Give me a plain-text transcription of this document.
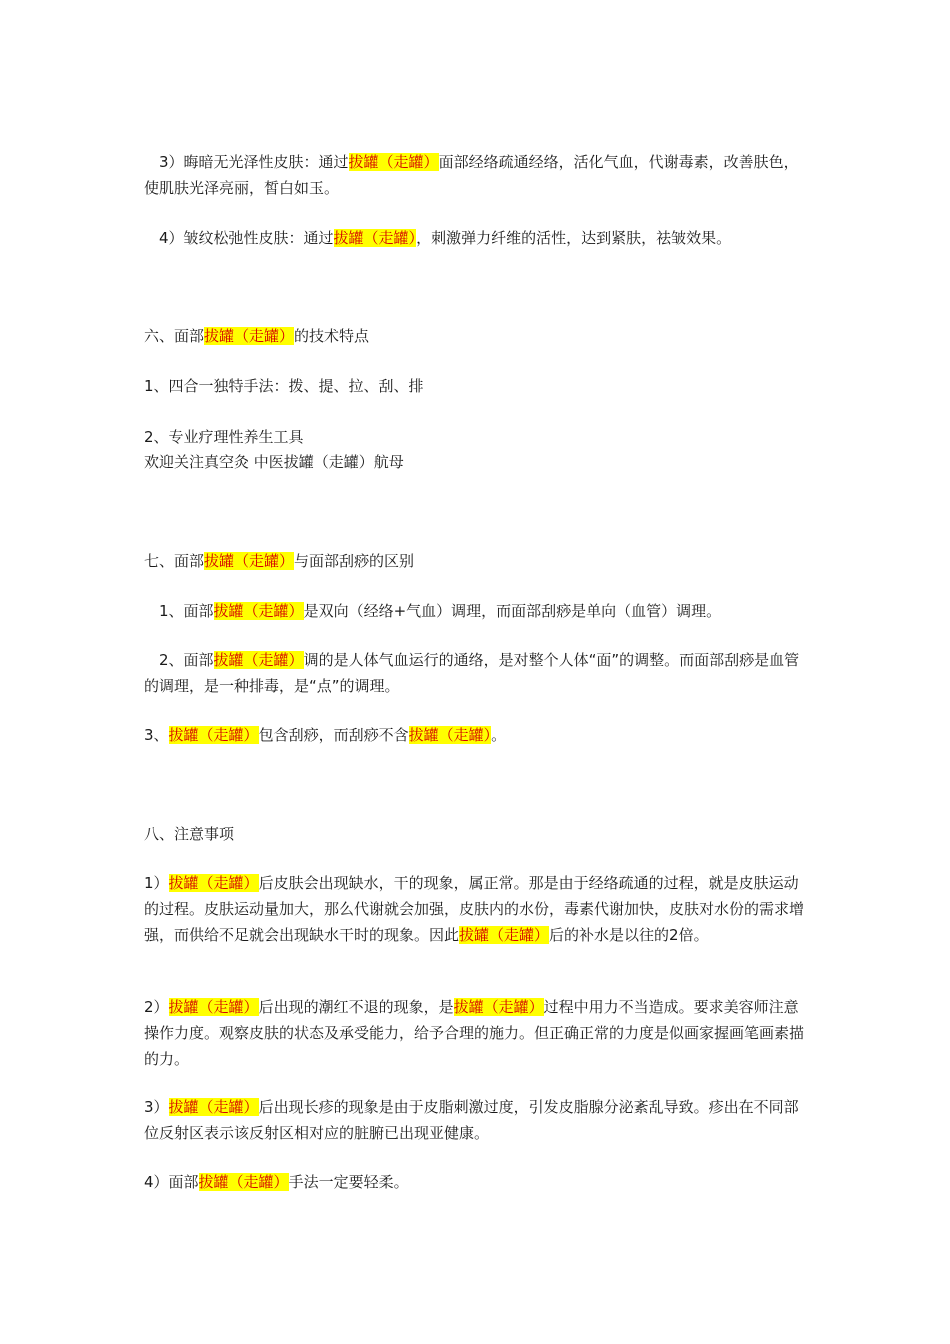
　3）晦暗无光泽性皮肤：通过拔罐（走罐）面部经络疏通经络，活化气血，代谢毒素，改善肤色，使肌肤光泽亮丽，皙白如玉。
　4）皱纹松弛性皮肤：通过拔罐（走罐），刺激弹力纤维的活性，达到紧肤，祛皱效果。
六、面部拔罐（走罐）的技术特点
1、四合一独特手法：拨、提、拉、刮、排
2、专业疗理性养生工具
欢迎关注真空灸 中医拔罐（走罐）航母
七、面部拔罐（走罐）与面部刮痧的区别
　1、面部拔罐（走罐）是双向（经络+气血）调理，而面部刮痧是单向（血管）调理。
　2、面部拔罐（走罐）调的是人体气血运行的通络，是对整个人体“面”的调整。而面部刮痧是血管的调理，是一种排毒，是“点”的调理。
3、拔罐（走罐）包含刮痧，而刮痧不含拔罐（走罐）。
八、注意事项
1）拔罐（走罐）后皮肤会出现缺水，干的现象，属正常。那是由于经络疏通的过程，就是皮肤运动的过程。皮肤运动量加大，那么代谢就会加强，皮肤内的水份，毒素代谢加快，皮肤对水份的需求增强，而供给不足就会出现缺水干时的现象。因此拔罐（走罐）后的补水是以往的2倍。
2）拔罐（走罐）后出现的潮红不退的现象，是拔罐（走罐）过程中用力不当造成。要求美容师注意操作力度。观察皮肤的状态及承受能力，给予合理的施力。但正确正常的力度是似画家握画笔画素描的力。
3）拔罐（走罐）后出现长疹的现象是由于皮脂刺激过度，引发皮脂腺分泌紊乱导致。疹出在不同部位反射区表示该反射区相对应的脏腑已出现亚健康。
4）面部拔罐（走罐）手法一定要轻柔。
